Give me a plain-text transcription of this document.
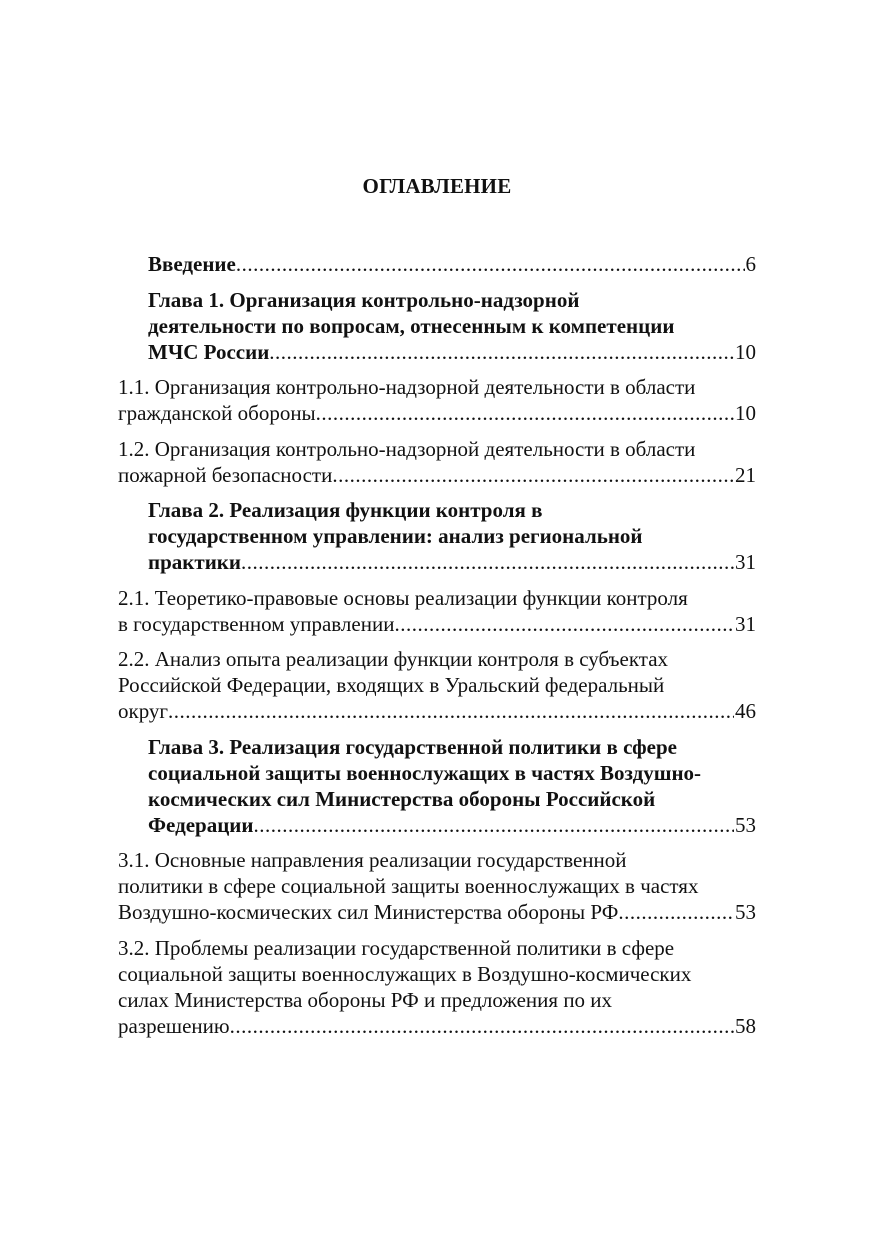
ОГЛАВЛЕНИЕ
Введение .....	6
Глава 1. Организация контрольно-надзорной
деятельности по вопросам, отнесенным к компетенции
МЧС России .....	10
1.1. Организация контрольно-надзорной деятельности в области
гражданской обороны .....	10
1.2. Организация контрольно-надзорной деятельности в области
пожарной безопасности .....	21
Глава 2. Реализация функции контроля в
государственном управлении: анализ региональной
практики .....	31
2.1. Теоретико-правовые основы реализации функции контроля
в государственном управлении .....	31
2.2. Анализ опыта реализации функции контроля в субъектах
Российской Федерации, входящих в Уральский федеральный
округ .....	46
Глава 3. Реализация государственной политики в сфере
социальной защиты военнослужащих в частях Воздушно-
космических сил Министерства обороны Российской
Федерации .....	53
3.1. Основные направления реализации государственной
политики в сфере социальной защиты военнослужащих в частях
Воздушно-космических сил Министерства обороны РФ .....	53
3.2. Проблемы реализации государственной политики в сфере
социальной защиты военнослужащих в Воздушно-космических
силах Министерства обороны РФ и предложения по их
разрешению .....	58
